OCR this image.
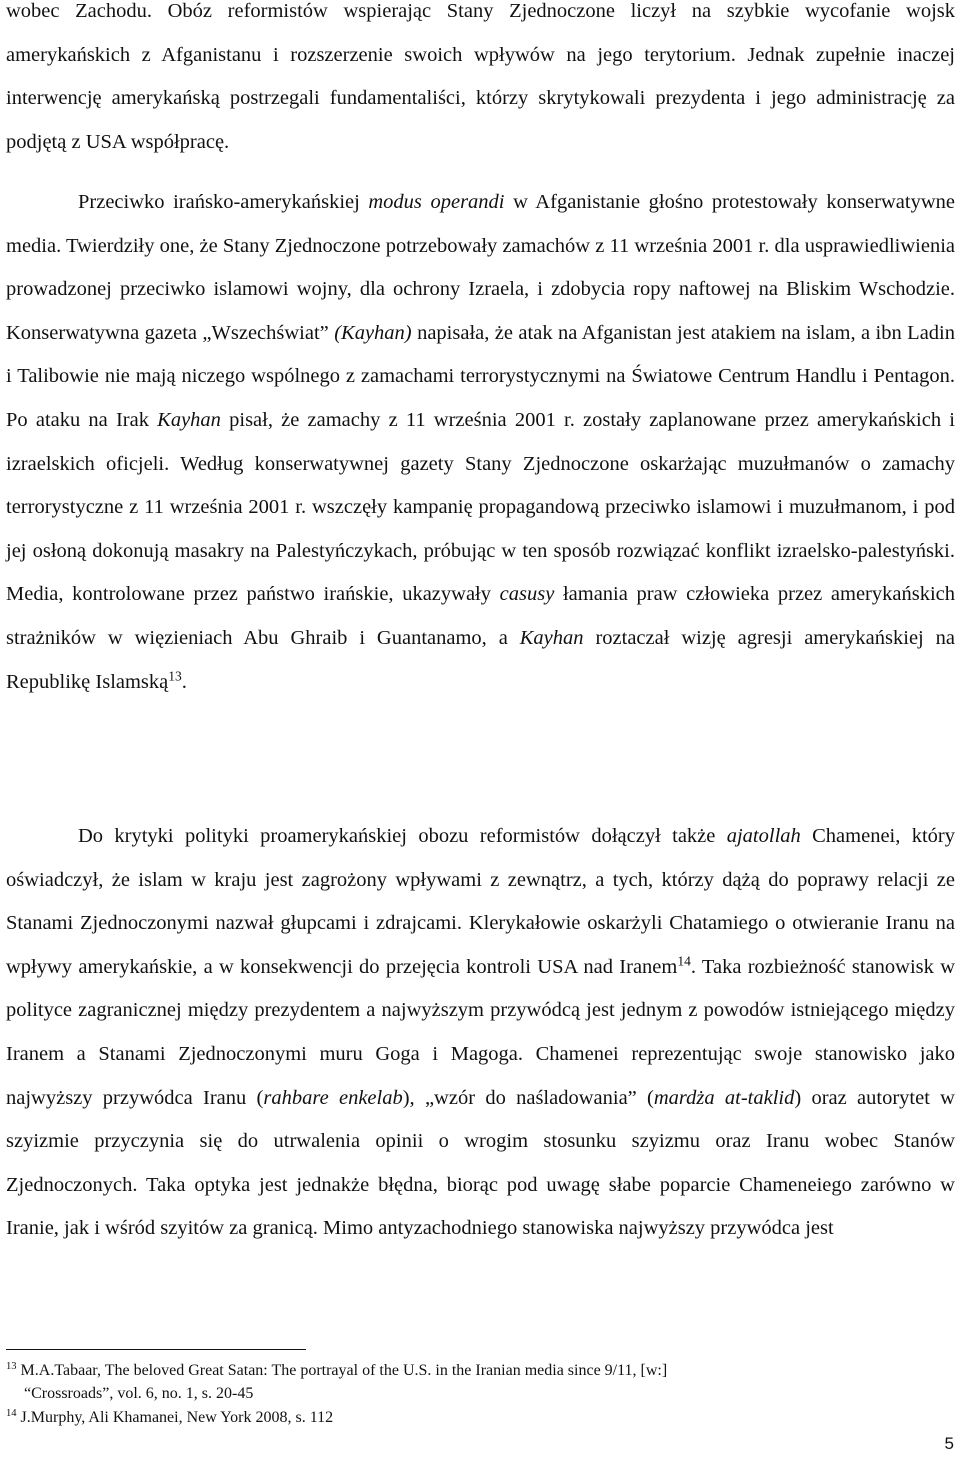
wobec Zachodu. Obóz reformistów wspierając Stany Zjednoczone liczył na szybkie wycofanie wojsk amerykańskich z Afganistanu i rozszerzenie swoich wpływów na jego terytorium. Jednak zupełnie inaczej interwencję amerykańską postrzegali fundamentaliści, którzy skrytykowali prezydenta i jego administrację za podjętą z USA współpracę.

Przeciwko irańsko-amerykańskiej modus operandi w Afganistanie głośno protestowały konserwatywne media. Twierdziły one, że Stany Zjednoczone potrzebowały zamachów z 11 września 2001 r. dla usprawiedliwienia prowadzonej przeciwko islamowi wojny, dla ochrony Izraela, i zdobycia ropy naftowej na Bliskim Wschodzie. Konserwatywna gazeta „Wszechświat” (Kayhan) napisała, że atak na Afganistan jest atakiem na islam, a ibn Ladin i Talibowie nie mają niczego wspólnego z zamachami terrorystycznymi na Światowe Centrum Handlu i Pentagon. Po ataku na Irak Kayhan pisał, że zamachy z 11 września 2001 r. zostały zaplanowane przez amerykańskich i izraelskich oficjeli. Według konserwatywnej gazety Stany Zjednoczone oskarżając muzułmanów o zamachy terrorystyczne z 11 września 2001 r. wszczęły kampanię propagandową przeciwko islamowi i muzułmanom, i pod jej osłoną dokonują masakry na Palestyńczykach, próbując w ten sposób rozwiązać konflikt izraelsko-palestyński. Media, kontrolowane przez państwo irańskie, ukazywały casusy łamania praw człowieka przez amerykańskich strażników w więzieniach Abu Ghraib i Guantanamo, a Kayhan roztaczał wizję agresji amerykańskiej na Republikę Islamską$^{13}$.

Do krytyki polityki proamerykańskiej obozu reformistów dołączył także ajatollah Chamenei, który oświadczył, że islam w kraju jest zagrożony wpływami z zewnątrz, a tych, którzy dążą do poprawy relacji ze Stanami Zjednoczonymi nazwał głupcami i zdrajcami. Klerykałowie oskarżyli Chatamiego o otwieranie Iranu na wpływy amerykańskie, a w konsekwencji do przejęcia kontroli USA nad Iranem$^{14}$. Taka rozbieżność stanowisk w polityce zagranicznej między prezydentem a najwyższym przywódcą jest jednym z powodów istniejącego między Iranem a Stanami Zjednoczonymi muru Goga i Magoga. Chamenei reprezentując swoje stanowisko jako najwyższy przywódca Iranu (rahbare enkelab), „wzór do naśladowania” (mardża at-taklid) oraz autorytet w szyizmie przyczynia się do utrwalenia opinii o wrogim stosunku szyizmu oraz Iranu wobec Stanów Zjednoczonych. Taka optyka jest jednakże błędna, biorąc pod uwagę słabe poparcie Chameneiego zarówno w Iranie, jak i wśród szyitów za granicą. Mimo antyzachodniego stanowiska najwyższy przywódca jest

$^{13}$ M.A.Tabaar, The beloved Great Satan: The portrayal of the U.S. in the Iranian media since 9/11, [w:]
“Crossroads”, vol. 6, no. 1, s. 20-45

$^{14}$ J.Murphy, Ali Khamanei, New York 2008, s. 112

5
